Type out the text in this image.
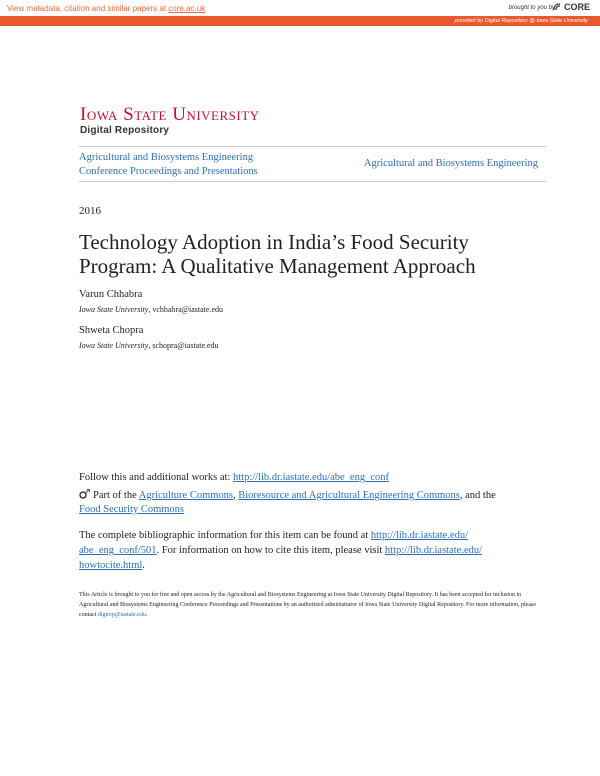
View metadata, citation and similar papers at core.ac.uk	brought to you by CORE
provided by Digital Repository @ Iowa State University
Iowa State University
Digital Repository
Agricultural and Biosystems Engineering
Conference Proceedings and Presentations
Agricultural and Biosystems Engineering
2016
Technology Adoption in India’s Food Security
Program: A Qualitative Management Approach
Varun Chhabra
Iowa State University, vchhabra@iastate.edu
Shweta Chopra
Iowa State University, schopra@iastate.edu
Follow this and additional works at: http://lib.dr.iastate.edu/abe_eng_conf
Part of the Agriculture Commons, Bioresource and Agricultural Engineering Commons, and the
Food Security Commons
The complete bibliographic information for this item can be found at http://lib.dr.iastate.edu/
abe_eng_conf/501. For information on how to cite this item, please visit http://lib.dr.iastate.edu/
howtocite.html.
This Article is brought to you for free and open access by the Agricultural and Biosystems Engineering at Iowa State University Digital Repository. It has been accepted for inclusion in Agricultural and Biosystems Engineering Conference Proceedings and Presentations by an authorized administrator of Iowa State University Digital Repository. For more information, please contact digirep@iastate.edu.
